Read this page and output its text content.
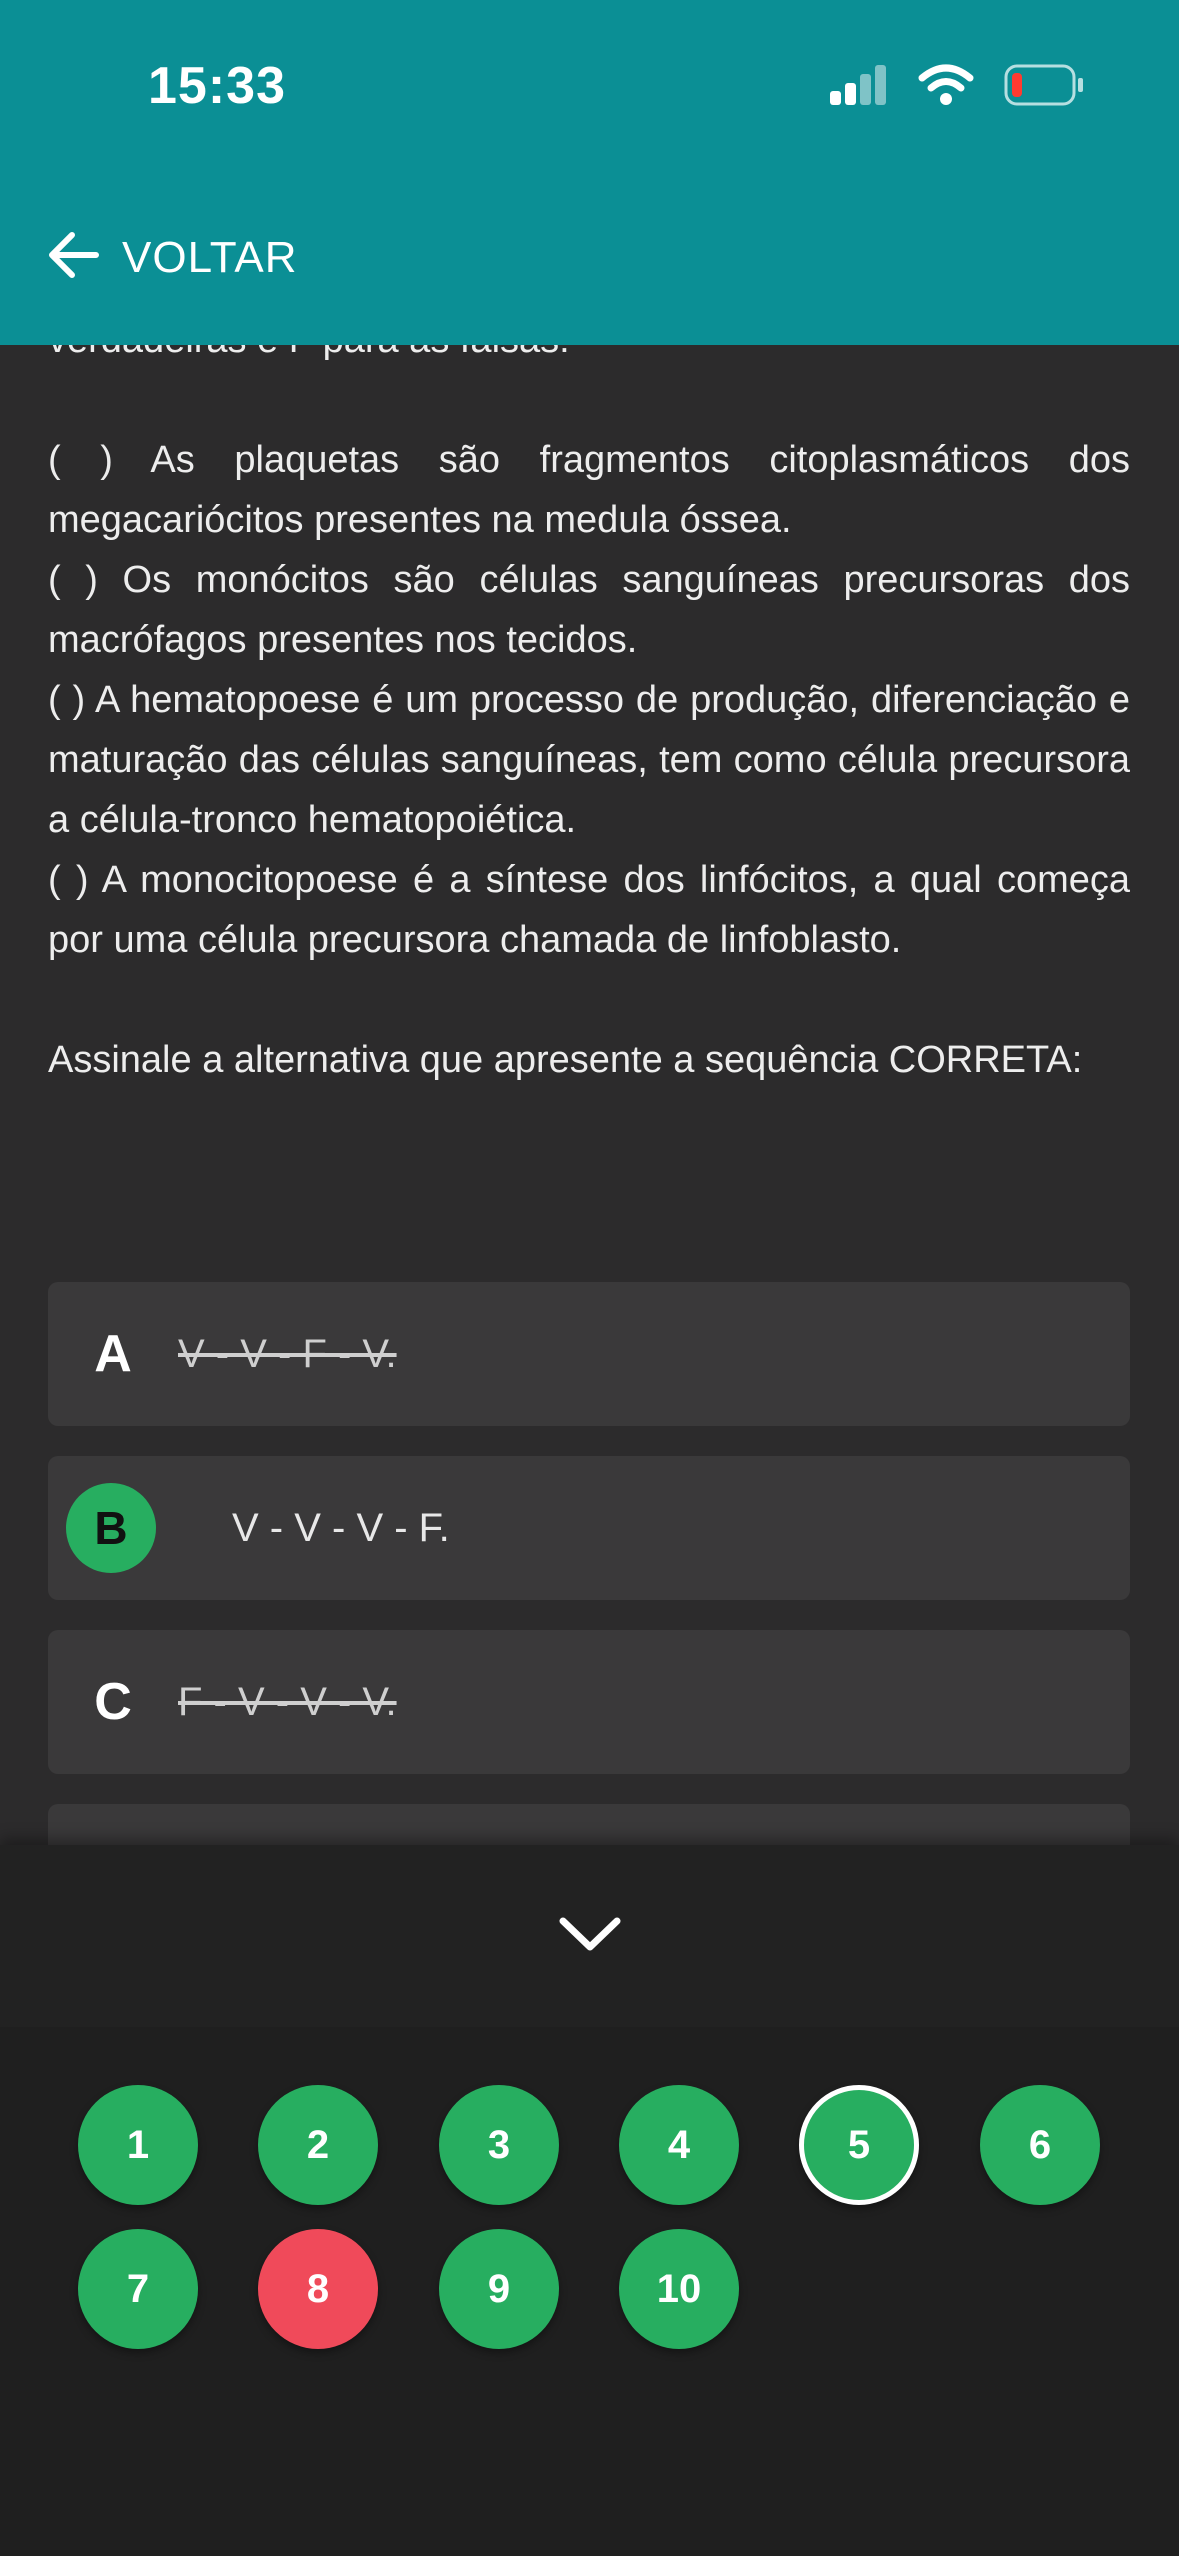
15:33
VOLTAR

( ) As plaquetas são fragmentos citoplasmáticos dos megacariócitos presentes na medula óssea.

( ) Os monócitos são células sanguíneas precursoras dos macrófagos presentes nos tecidos.

( ) A hematopoese é um processo de produção, diferenciação e maturação das células sanguíneas, tem como célula precursora a célula-tronco hematopoiética.

( ) A monocitopoese é a síntese dos linfócitos, a qual começa por uma célula precursora chamada de linfoblasto.

Assinale a alternativa que apresente a sequência CORRETA:

A	V - V - F - V.
B	V - V - V - F.
C	F - V - V - V.
1	2	3	4	5	6
7	8	9	10
